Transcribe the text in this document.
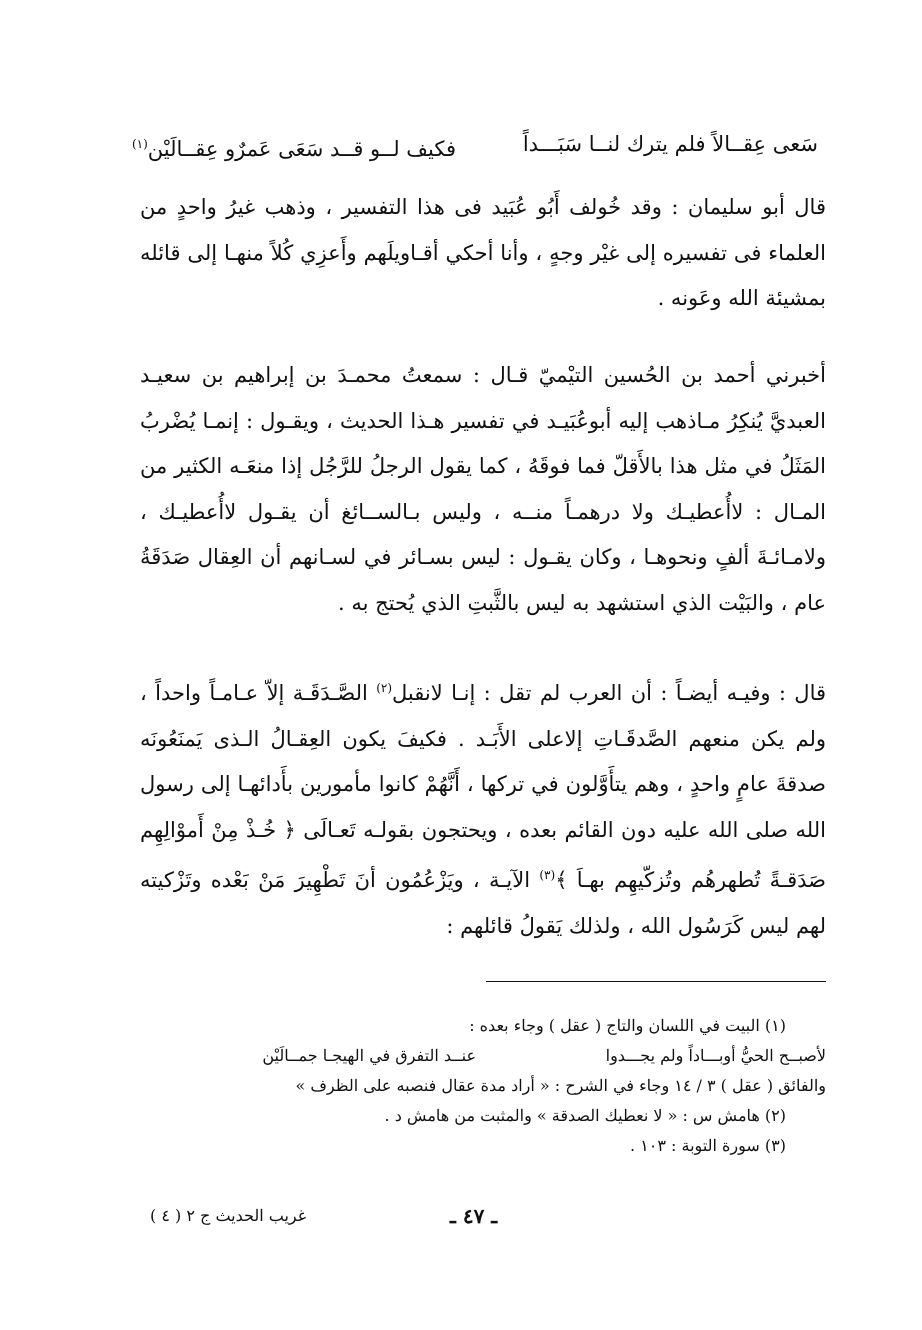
سَعى عِقــالاً فلم يترك لنــا سَبَـــداً
فكيف لــو قــد سَعَى عَمرٌو عِقــالَيْن$^{(١)}$
قال أبو سليمان : وقد خُولف أَبُو عُبَيد فى هذا التفسير ، وذهب غيرُ واحدٍ من العلماء فى تفسيره إلى غيْر وجهٍ ، وأنا أحكي أقـاويلَهم وأَعزِي كُلاً منهـا إلى قائله بمشيئة الله وعَونه .
أخبرني أحمد بن الحُسين التيْميّ قـال : سمعتُ محمـدَ بن إبراهيم بن سعيـد العبديَّ يُنكِرُ مـاذهب إليه أبوعُبَيـد في تفسير هـذا الحديث ، ويقـول : إنمـا يُضْربُ المَثَلُ في مثل هذا بالأَقلّ فما فوقَهُ ، كما يقول الرجلُ للرَّجُل إذا منعَـه الكثير من المـال : لاأُعطيـك ولا درهمـاً منــه ، وليس بـالســائغ أن يقـول لاأُعطيـك ، ولامـائـةَ ألفٍ ونحوهـا ، وكان يقـول : ليس بسـائر في لسـانهم أن العِقال صَدَقَةُ عام ، والبَيْت الذي استشهد به ليس بالثَّبتِ الذي يُحتج به .
قال : وفيـه أيضـاً : أن العرب لم تقل : إنـا لانقبل$^{(٢)}$ الصَّـدَقَـة إلاّ عـامـاً واحداً ، ولم يكن منعهم الصَّدقَـاتِ إلاعلى الأَبَـد . فكيفَ يكون العِقـالُ الـذى يَمنَعُونَه صدقةَ عامٍ واحدٍ ، وهم يتأَوَّلون في تركها ، أَنَّهُمْ كانوا مأمورين بأَدائهـا إلى رسول الله صلى الله عليه دون القائم بعده ، ويحتجون بقولـه تَعـالَى ﴿ خُـذْ مِنْ أَموْالِهِم صَدَقـةً تُطهرهُم وتُزكّيهِم بهـاَ ﴾$^{(٣)}$ الآيـة ، ويَزْعُمُون أنَ تَطْهِيرَ مَنْ بَعْده وتَزْكيته لهم ليس كَرَسُول الله ، ولذلك يَقولُ قائلهم :
(١) البيت في اللسان والتاج ( عقل ) وجاء بعده :
لأصبــح الحيُّ أوبـــاداً ولم يجـــدوا
عنــد التفرق في الهيجـا جمــالَيْن
والفائق ( عقل ) ٣ / ١٤ وجاء في الشرح : « أراد مدة عقال فنصبه على الظرف »
(٢) هامش س : « لا نعطيك الصدقة » والمثبت من هامش د .
(٣) سورة التوبة : ١٠٣ .
غريب الحديث ج ٢ ( ٤ )	ـ ٤٧ ـ
